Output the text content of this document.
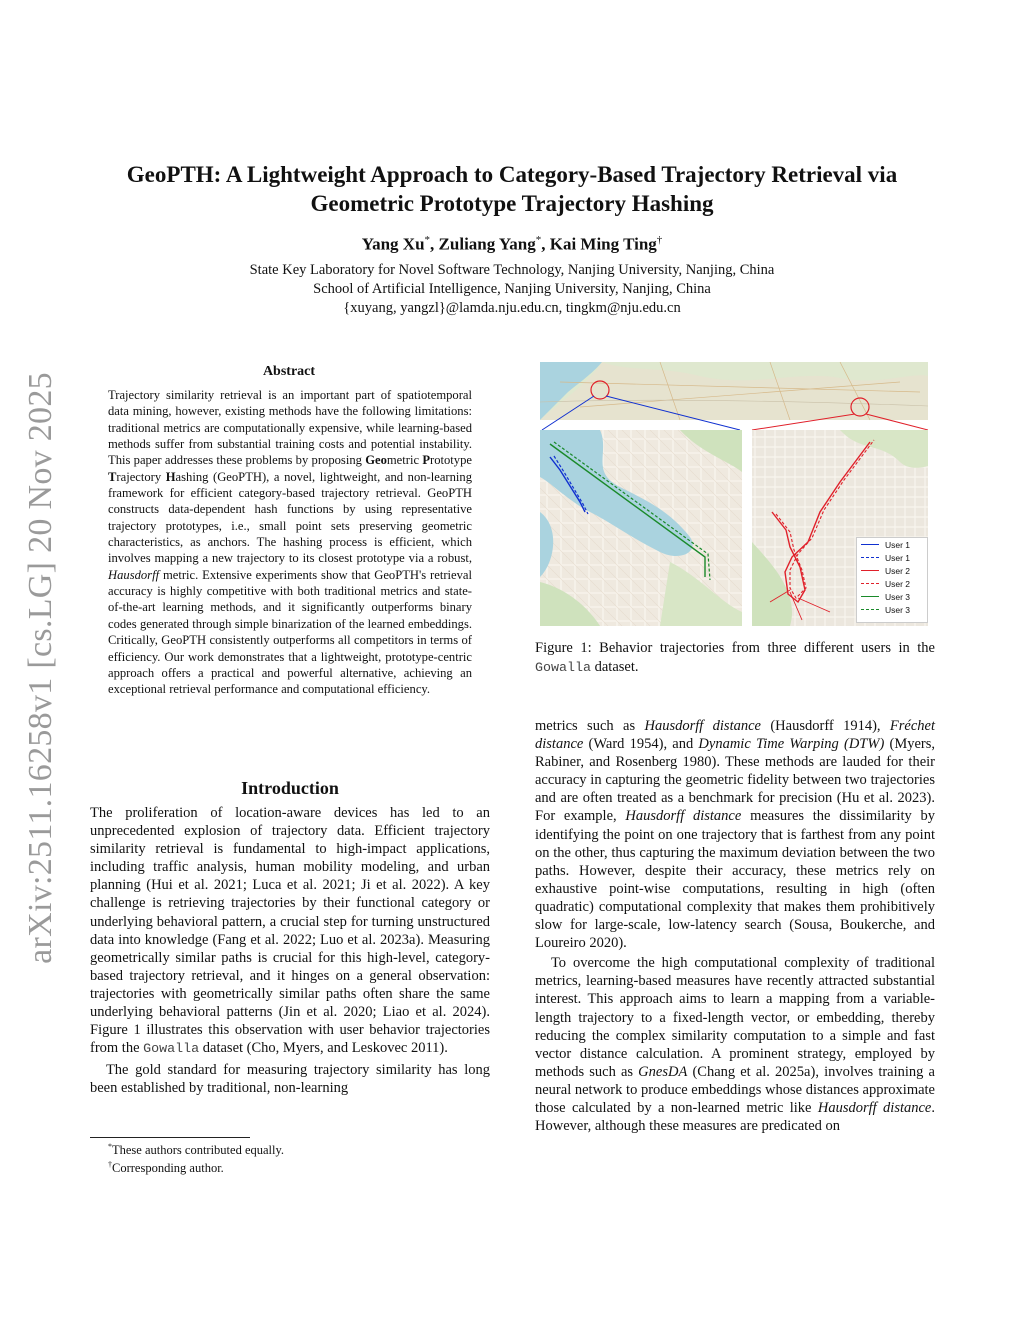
arXiv:2511.16258v1 [cs.LG] 20 Nov 2025
GeoPTH: A Lightweight Approach to Category-Based Trajectory Retrieval via
Geometric Prototype Trajectory Hashing
Yang Xu*, Zuliang Yang*, Kai Ming Ting†
State Key Laboratory for Novel Software Technology, Nanjing University, Nanjing, China
School of Artificial Intelligence, Nanjing University, Nanjing, China
{xuyang, yangzl}@lamda.nju.edu.cn, tingkm@nju.edu.cn
Abstract
Trajectory similarity retrieval is an important part of spatiotemporal data mining, however, existing methods have the following limitations: traditional metrics are computationally expensive, while learning-based methods suffer from substantial training costs and potential instability. This paper addresses these problems by proposing Geometric Prototype Trajectory Hashing (GeoPTH), a novel, lightweight, and non-learning framework for efficient category-based trajectory retrieval. GeoPTH constructs data-dependent hash functions by using representative trajectory prototypes, i.e., small point sets preserving geometric characteristics, as anchors. The hashing process is efficient, which involves mapping a new trajectory to its closest prototype via a robust, Hausdorff metric. Extensive experiments show that GeoPTH's retrieval accuracy is highly competitive with both traditional metrics and state-of-the-art learning methods, and it significantly outperforms binary codes generated through simple binarization of the learned embeddings. Critically, GeoPTH consistently outperforms all competitors in terms of efficiency. Our work demonstrates that a lightweight, prototype-centric approach offers a practical and powerful alternative, achieving an exceptional retrieval performance and computational efficiency.
Introduction

The proliferation of location-aware devices has led to an unprecedented explosion of trajectory data. Efficient trajectory similarity retrieval is fundamental to high-impact applications, including traffic analysis, human mobility modeling, and urban planning (Hui et al. 2021; Luca et al. 2021; Ji et al. 2022). A key challenge is retrieving trajectories by their functional category or underlying behavioral pattern, a crucial step for turning unstructured data into knowledge (Fang et al. 2022; Luo et al. 2023a). Measuring geometrically similar paths is crucial for this high-level, category-based trajectory retrieval, and it hinges on a general observation: trajectories with geometrically similar paths often share the same underlying behavioral patterns (Jin et al. 2020; Liao et al. 2024). Figure 1 illustrates this observation with user behavior trajectories from the Gowalla dataset (Cho, Myers, and Leskovec 2011).

The gold standard for measuring trajectory similarity has long been established by traditional, non-learning

*These authors contributed equally.
†Corresponding author.
User 1
User 1
User 2
User 2
User 3
User 3
Figure 1: Behavior trajectories from three different users in the Gowalla dataset.

metrics such as Hausdorff distance (Hausdorff 1914), Fréchet distance (Ward 1954), and Dynamic Time Warping (DTW) (Myers, Rabiner, and Rosenberg 1980). These methods are lauded for their accuracy in capturing the geometric fidelity between two trajectories and are often treated as a benchmark for precision (Hu et al. 2023). For example, Hausdorff distance measures the dissimilarity by identifying the point on one trajectory that is farthest from any point on the other, thus capturing the maximum deviation between the two paths. However, despite their accuracy, these metrics rely on exhaustive point-wise computations, resulting in high (often quadratic) computational complexity that makes them prohibitively slow for large-scale, low-latency search (Sousa, Boukerche, and Loureiro 2020).

To overcome the high computational complexity of traditional metrics, learning-based measures have recently attracted substantial interest. This approach aims to learn a mapping from a variable-length trajectory to a fixed-length vector, or embedding, thereby reducing the complex similarity computation to a simple and fast vector distance calculation. A prominent strategy, employed by methods such as GnesDA (Chang et al. 2025a), involves training a neural network to produce embeddings whose distances approximate those calculated by a non-learned metric like Hausdorff distance. However, although these measures are predicated on
